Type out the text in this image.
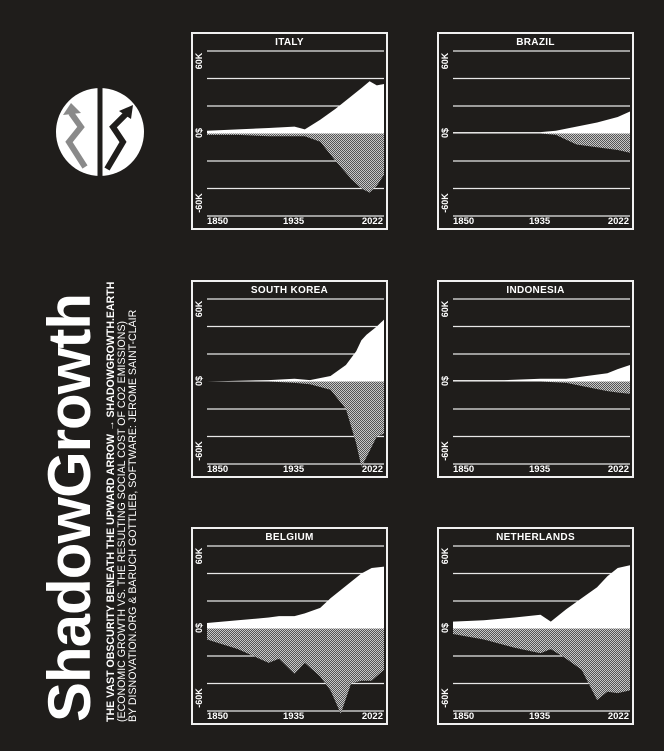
ShadowGrowth THE VAST OBSCURITY BENEATH THE UPWARD ARROW → SHADOWGROWTH.EARTH (ECONOMIC GROWTH VS. THE RESULTING SOCIAL COST OF CO2 EMISSIONS) BY DISNOVATION.ORG & BARUCH GOTTLIEB, SOFTWARE: JEROME SAINT-CLAIR
ITALY
60K
0$
-60K
1850	1935	2022
BRAZIL
60K
0$
-60K
1850	1935	2022
SOUTH KOREA
60K
0$
-60K
1850	1935	2022
INDONESIA
60K
0$
-60K
1850	1935	2022
BELGIUM
60K
0$
-60K
1850	1935	2022
NETHERLANDS
60K
0$
-60K
1850	1935	2022
